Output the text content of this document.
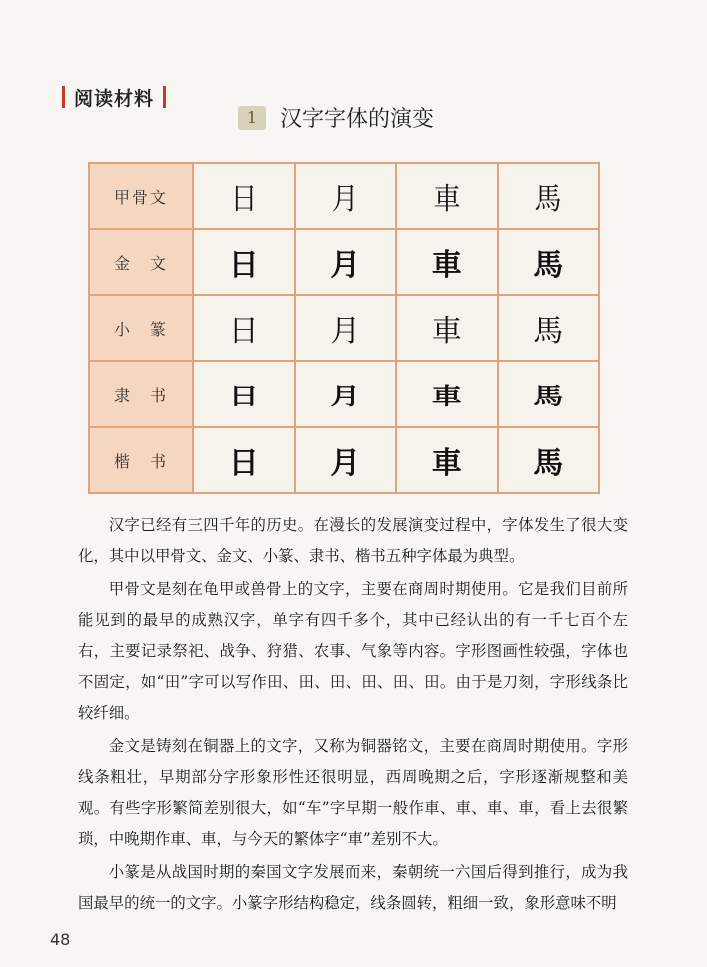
阅读材料
1	汉字字体的演变
甲骨文	日	月	車	馬
金　文	日	月	車	馬
小　篆	日	月	車	馬
隶　书	日	月	車	馬
楷　书	日	月	車	馬

汉字已经有三四千年的历史。在漫长的发展演变过程中，字体发生了很大变化，其中以甲骨文、金文、小篆、隶书、楷书五种字体最为典型。

甲骨文是刻在龟甲或兽骨上的文字，主要在商周时期使用。它是我们目前所能见到的最早的成熟汉字，单字有四千多个，其中已经认出的有一千七百个左右，主要记录祭祀、战争、狩猎、农事、气象等内容。字形图画性较强，字体也不固定，如“田”字可以写作田、田、田、田、田、田。由于是刀刻，字形线条比较纤细。

金文是铸刻在铜器上的文字，又称为铜器铭文，主要在商周时期使用。字形线条粗壮，早期部分字形象形性还很明显，西周晚期之后，字形逐渐规整和美观。有些字形繁简差别很大，如“车”字早期一般作車、車、車、車，看上去很繁琐，中晚期作車、車，与今天的繁体字“車”差别不大。

小篆是从战国时期的秦国文字发展而来，秦朝统一六国后得到推行，成为我国最早的统一的文字。小篆字形结构稳定，线条圆转，粗细一致，象形意味不明

48
